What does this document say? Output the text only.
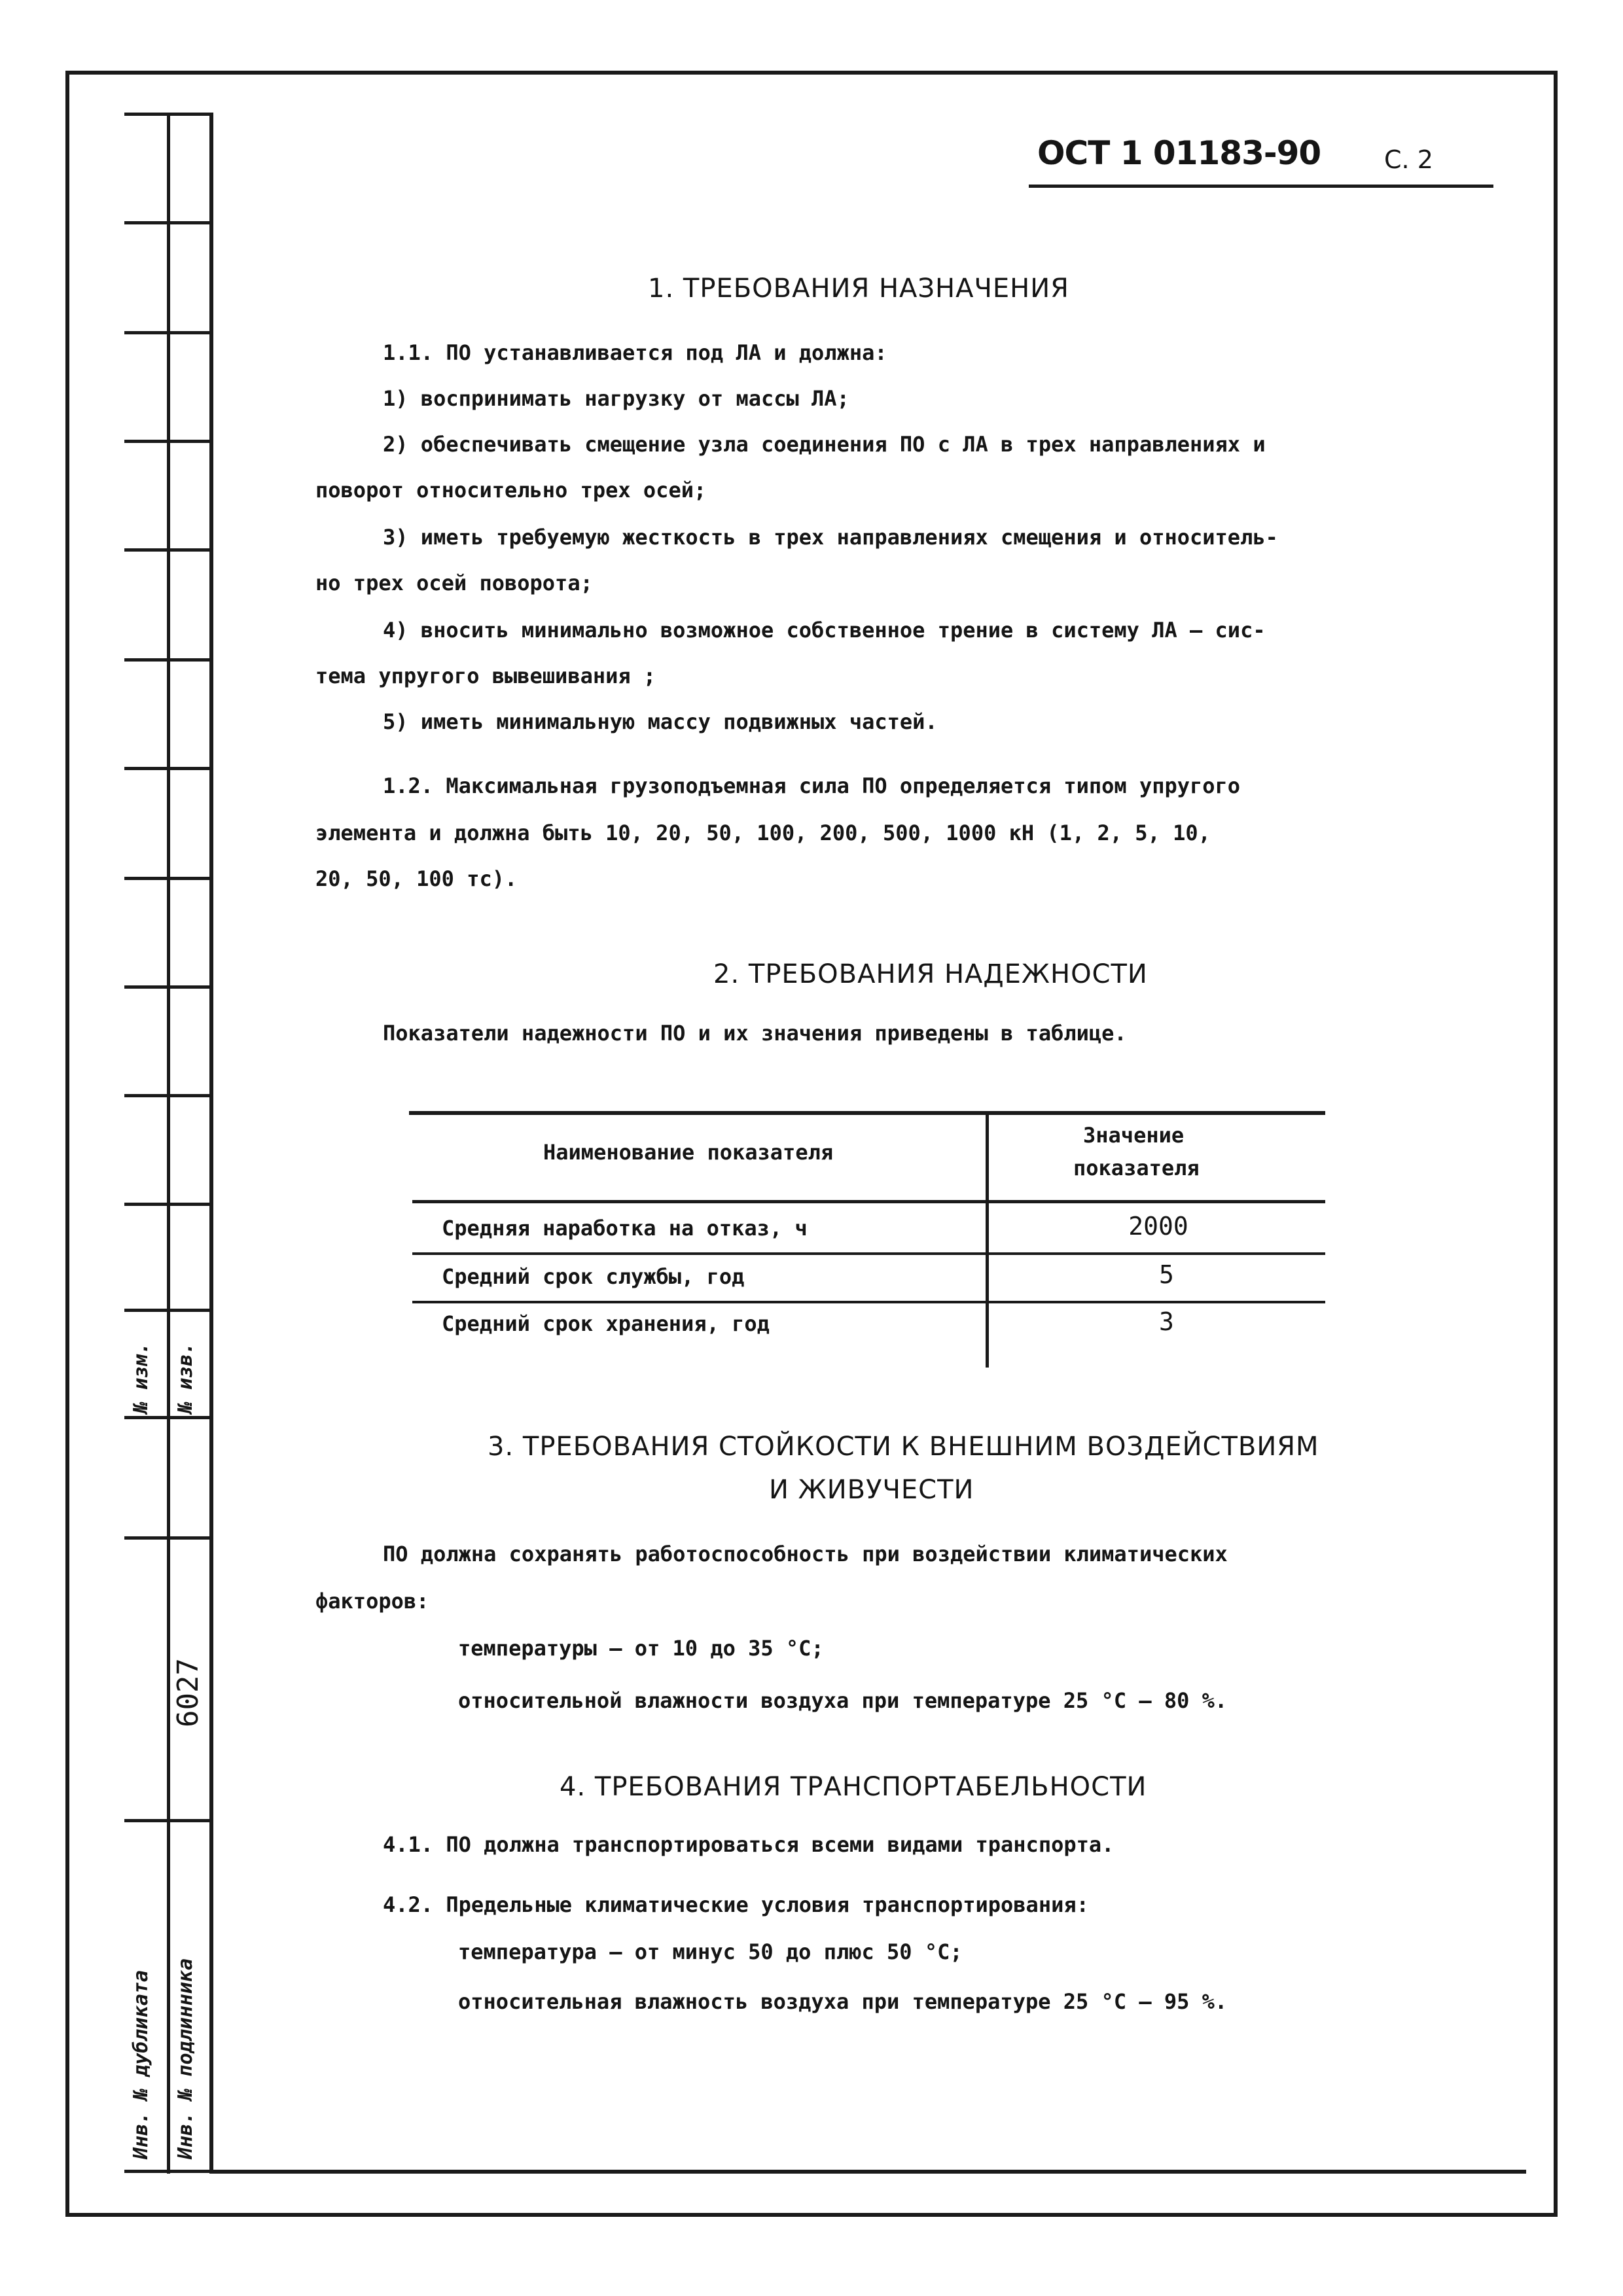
№ изм. № изв.
6027
Инв. № дубликата Инв. № подлинника
ОСТ 1 01183-90	С. 2
1. ТРЕБОВАНИЯ НАЗНАЧЕНИЯ
1.1. ПО устанавливается под ЛА и должна:
1) воспринимать нагрузку от массы ЛА;
2) обеспечивать смещение узла соединения ПО с ЛА в трех направлениях и
поворот относительно трех осей;
3) иметь требуемую жесткость в трех направлениях смещения и относитель-
но трех осей поворота;
4) вносить минимально возможное собственное трение в систему ЛА – сис-
тема упругого вывешивания ;
5) иметь минимальную массу подвижных частей.
1.2. Максимальная грузоподъемная сила ПО определяется типом упругого
элемента и должна быть 10, 20, 50, 100, 200, 500, 1000 кН (1, 2, 5, 10,
20, 50, 100 тс).
2. ТРЕБОВАНИЯ НАДЕЖНОСТИ
Показатели надежности ПО и их значения приведены в таблице.
Наименование показателя
Значение
показателя
Средняя наработка на отказ, ч	2000
Средний срок службы, год	5
Средний срок хранения, год	3
3. ТРЕБОВАНИЯ СТОЙКОСТИ К ВНЕШНИМ ВОЗДЕЙСТВИЯМ
И ЖИВУЧЕСТИ
ПО должна сохранять работоспособность при воздействии климатических
факторов:
температуры – от 10 до 35 °С;
относительной влажности воздуха при температуре 25 °С – 80 %.
4. ТРЕБОВАНИЯ ТРАНСПОРТАБЕЛЬНОСТИ
4.1. ПО должна транспортироваться всеми видами транспорта.
4.2. Предельные климатические условия транспортирования:
температура – от минус 50 до плюс 50 °С;
относительная влажность воздуха при температуре 25 °С – 95 %.
